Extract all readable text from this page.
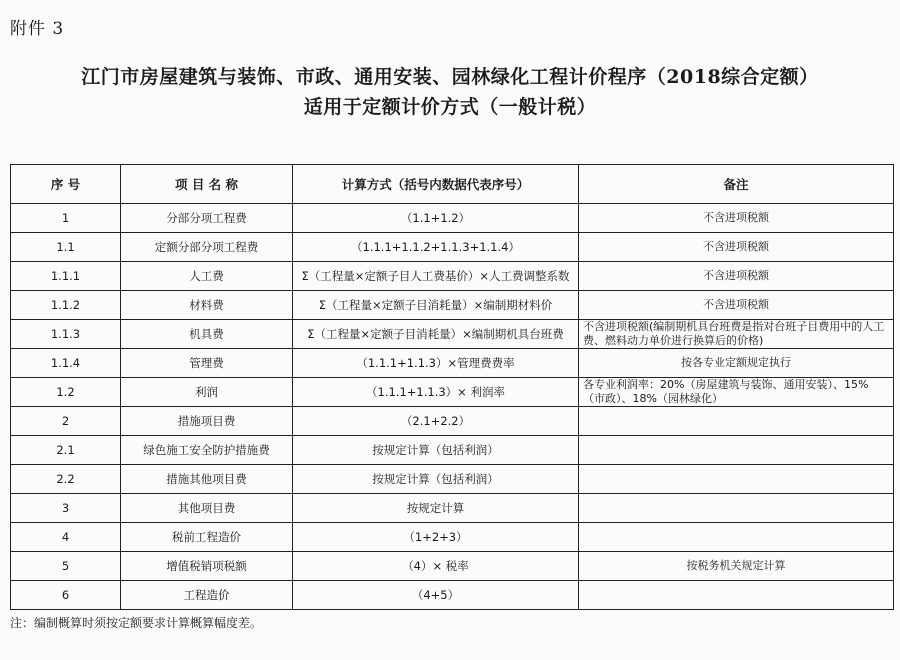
附件 3
江门市房屋建筑与装饰、市政、通用安装、园林绿化工程计价程序（2018综合定额）
适用于定额计价方式（一般计税）
序 号	项 目 名 称	计算方式（括号内数据代表序号）	备注
1	分部分项工程费	（1.1+1.2）	不含进项税额
1.1	定额分部分项工程费	（1.1.1+1.1.2+1.1.3+1.1.4）	不含进项税额
1.1.1	人工费	Σ（工程量×定额子目人工费基价）×人工费调整系数	不含进项税额
1.1.2	材料费	Σ（工程量×定额子目消耗量）×编制期材料价	不含进项税额
1.1.3	机具费	Σ（工程量×定额子目消耗量）×编制期机具台班费	不含进项税额(编制期机具台班费是指对台班子目费用中的人工费、燃料动力单价进行换算后的价格)
1.1.4	管理费	（1.1.1+1.1.3）×管理费费率	按各专业定额规定执行
1.2	利润	（1.1.1+1.1.3）× 利润率	各专业利润率：20%（房屋建筑与装饰、通用安装）、15%（市政）、18%（园林绿化）
2	措施项目费	（2.1+2.2）	
2.1	绿色施工安全防护措施费	按规定计算（包括利润）	
2.2	措施其他项目费	按规定计算（包括利润）	
3	其他项目费	按规定计算	
4	税前工程造价	（1+2+3）	
5	增值税销项税额	（4）× 税率	按税务机关规定计算
6	工程造价	（4+5）	
注：编制概算时须按定额要求计算概算幅度差。
